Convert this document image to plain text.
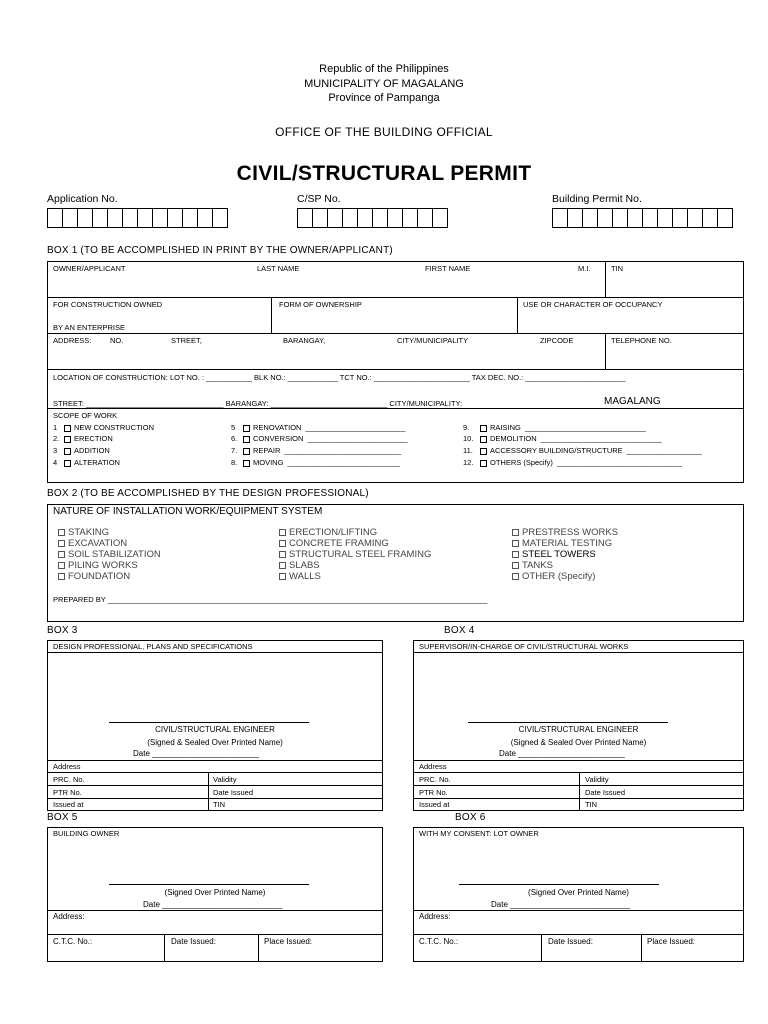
Republic of the Philippines
MUNICIPALITY OF MAGALANG
Province of Pampanga
OFFICE OF THE BUILDING OFFICIAL
CIVIL/STRUCTURAL PERMIT
Application No.	C/SP No.	Building Permit No.
BOX 1 (TO BE ACCOMPLISHED IN PRINT BY THE OWNER/APPLICANT)
OWNER/APPLICANT	LAST NAME	FIRST NAME	M.I.	TIN
FOR CONSTRUCTION OWNED
BY AN ENTERPRISE
FORM OF OWNERSHIP	USE OR CHARACTER OF OCCUPANCY
ADDRESS: NO.	STREET,	BARANGAY,	CITY/MUNICIPALITY	ZIPCODE	TELEPHONE NO.
LOCATION OF CONSTRUCTION: LOT NO. : ___________ BLK NO.: ____________ TCT NO.: _______________________ TAX DEC. NO.: ________________________
STREET: _________________________________ BARANGAY: ____________________________ CITY/MUNICIPALITY:	MAGALANG
SCOPE OF WORK
1	NEW CONSTRUCTION
2.	ERECTION
3	ADDITION
4	ALTERATION
5	RENOVATION ________________________
6.	CONVERSION ________________________
7.	REPAIR ____________________________
8.	MOVING ___________________________
9.	RAISING _____________________________
10.	DEMOLITION _____________________________
11.	ACCESSORY BUILDING/STRUCTURE __________________
12.	OTHERS (Specify) ______________________________
BOX 2 (TO BE ACCOMPLISHED BY THE DESIGN PROFESSIONAL)
NATURE OF INSTALLATION WORK/EQUIPMENT SYSTEM
STAKING
EXCAVATION
SOIL STABILIZATION
PILING WORKS
FOUNDATION
ERECTION/LIFTING
CONCRETE FRAMING
STRUCTURAL STEEL FRAMING
SLABS
WALLS
PRESTRESS WORKS
MATERIAL TESTING
STEEL TOWERS
TANKS
OTHER (Specify)
PREPARED BY ___________________________________________________________________________________________
BOX 3
DESIGN PROFESSIONAL, PLANS AND SPECIFICATIONS
CIVIL/STRUCTURAL ENGINEER
(Signed & Sealed Over Printed Name)
Date ________________________
Address
PRC. No.	Validity
PTR No.	Date Issued
Issued at	TIN
BOX 4
SUPERVISOR/IN-CHARGE OF CIVIL/STRUCTURAL WORKS
CIVIL/STRUCTURAL ENGINEER
(Signed & Sealed Over Printed Name)
Date ________________________
Address
PRC. No.	Validity
PTR No.	Date Issued
Issued at	TIN
BOX 5
BUILDING OWNER
(Signed Over Printed Name)
Date ___________________________
Address:
C.T.C. No.:	Date Issued:	Place Issued:
BOX 6
WITH MY CONSENT: LOT OWNER
(Signed Over Printed Name)
Date ___________________________
Address:
C.T.C. No.:	Date Issued:	Place Issued:
